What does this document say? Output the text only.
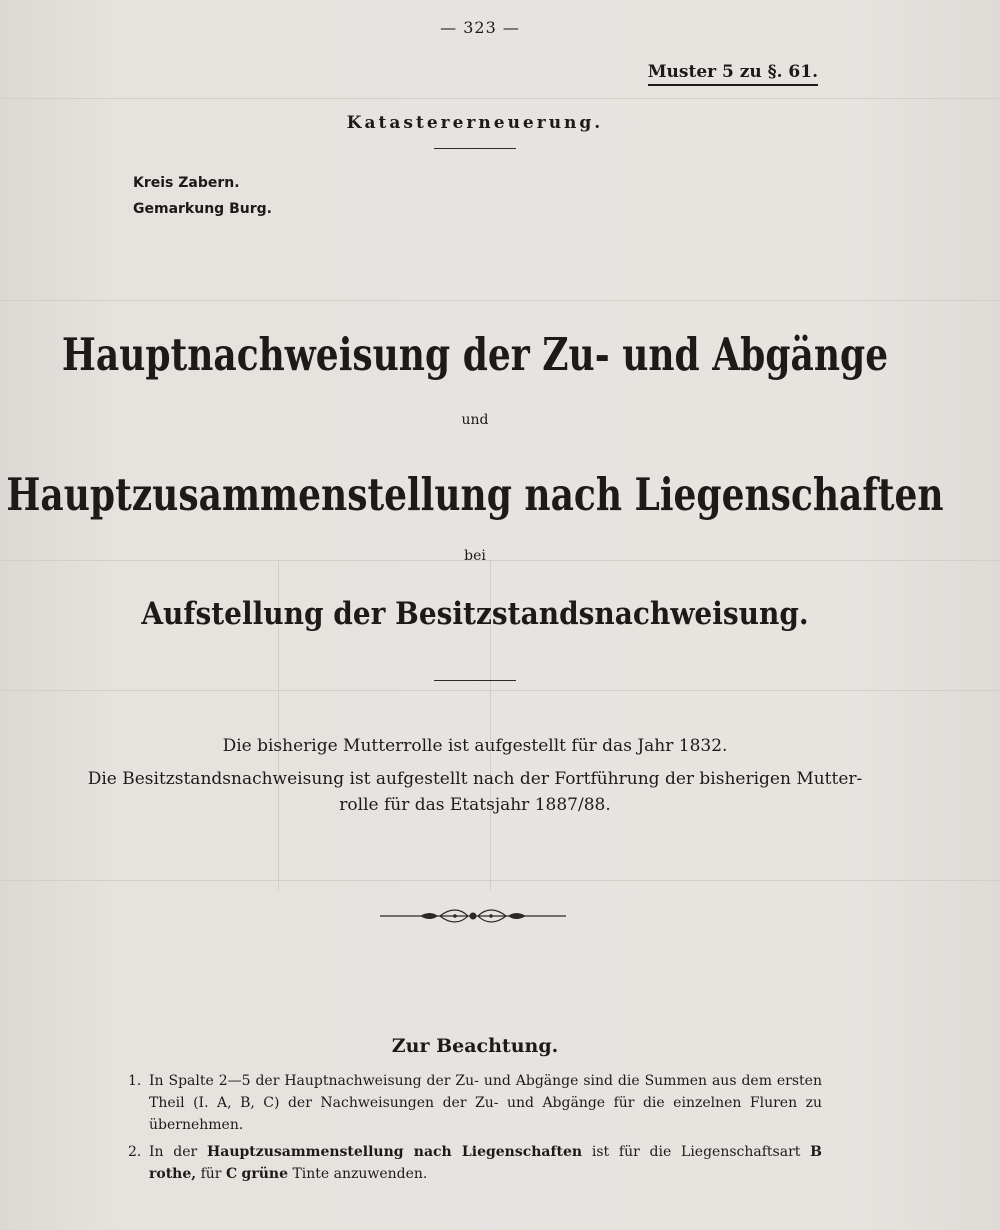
— 323 —
Muster 5 zu §. 61.
Katastererneuerung.
Kreis Zabern.
Gemarkung Burg.
Hauptnachweisung der Zu- und Abgänge
und
Hauptzusammenstellung nach Liegenschaften
bei
Aufstellung der Besitzstandsnachweisung.
Die bisherige Mutterrolle ist aufgestellt für das Jahr 1832.
Die Besitzstandsnachweisung ist aufgestellt nach der Fortführung der bisherigen Mutter-
rolle für das Etatsjahr 1887/88.
Zur Beachtung.
1. In Spalte 2—5 der Hauptnachweisung der Zu- und Abgänge sind die Summen aus dem ersten Theil (I. A, B, C) der Nachweisungen der Zu- und Abgänge für die einzelnen Fluren zu übernehmen.
2. In der Hauptzusammenstellung nach Liegenschaften ist für die Liegenschaftsart B rothe, für C grüne Tinte anzuwenden.
